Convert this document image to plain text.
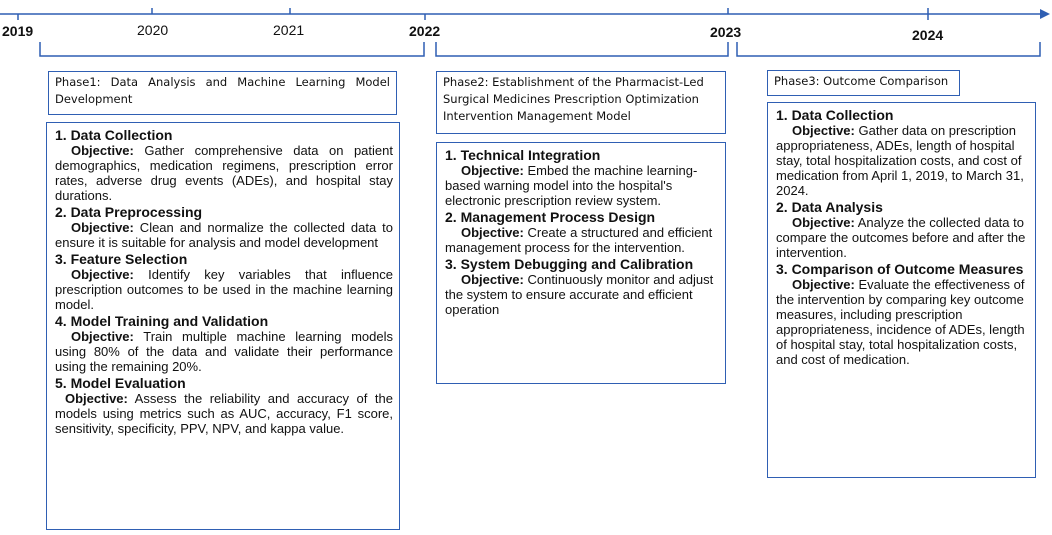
2019	2020	2021	2022	2023	2024
Phase1: Data Analysis and Machine Learning Model Development
Phase2: Establishment of the Pharmacist-Led Surgical Medicines Prescription Optimization Intervention Management Model
Phase3: Outcome Comparison
1. Data Collection
Objective: Gather comprehensive data on patient demographics, medication regimens, prescription error rates, adverse drug events (ADEs), and hospital stay durations.
2. Data Preprocessing
Objective: Clean and normalize the collected data to ensure it is suitable for analysis and model development
3. Feature Selection
Objective: Identify key variables that influence prescription outcomes to be used in the machine learning model.
4. Model Training and Validation
Objective: Train multiple machine learning models using 80% of the data and validate their performance using the remaining 20%.
5. Model Evaluation
Objective: Assess the reliability and accuracy of the models using metrics such as AUC, accuracy, F1 score, sensitivity, specificity, PPV, NPV, and kappa value.
1. Technical Integration
Objective: Embed the machine learning-based warning model into the hospital's electronic prescription review system.
2. Management Process Design
Objective: Create a structured and efficient management process for the intervention.
3. System Debugging and Calibration
Objective: Continuously monitor and adjust the system to ensure accurate and efficient operation
1. Data Collection
Objective: Gather data on prescription appropriateness, ADEs, length of hospital stay, total hospitalization costs, and cost of medication from April 1, 2019, to March 31, 2024.
2. Data Analysis
Objective: Analyze the collected data to compare the outcomes before and after the intervention.
3. Comparison of Outcome Measures
Objective: Evaluate the effectiveness of the intervention by comparing key outcome measures, including prescription appropriateness, incidence of ADEs, length of hospital stay, total hospitalization costs, and cost of medication.
